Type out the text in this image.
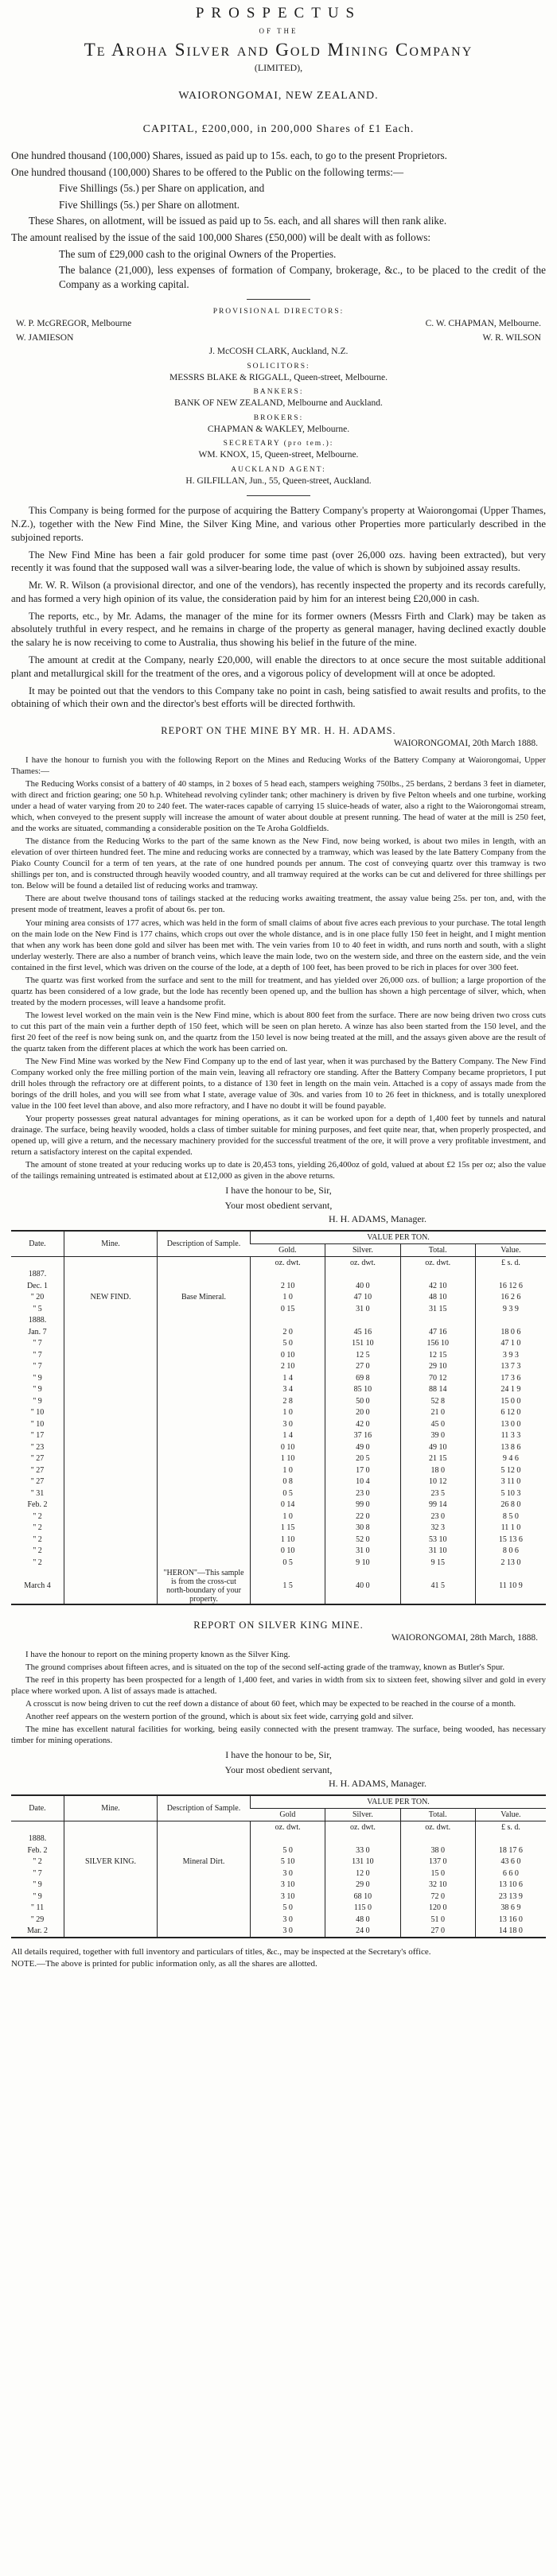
PROSPECTUS
OF THE
Te Aroha Silver and Gold Mining Company
(LIMITED),
WAIORONGOMAI, NEW ZEALAND.
CAPITAL, £200,000, in 200,000 Shares of £1 Each.
One hundred thousand (100,000) Shares, issued as paid up to 15s. each, to go to the present Proprietors.
One hundred thousand (100,000) Shares to be offered to the Public on the following terms:—
Five Shillings (5s.) per Share on application, and
Five Shillings (5s.) per Share on allotment.
These Shares, on allotment, will be issued as paid up to 5s. each, and all shares will then rank alike.
The amount realised by the issue of the said 100,000 Shares (£50,000) will be dealt with as follows:
The sum of £29,000 cash to the original Owners of the Properties.
The balance (21,000), less expenses of formation of Company, brokerage, &c., to be placed to the credit of the Company as a working capital.
PROVISIONAL DIRECTORS:
W. P. McGREGOR, Melbourne	C. W. CHAPMAN, Melbourne.
W. JAMIESON	W. R. WILSON
J. McCOSH CLARK, Auckland, N.Z.
SOLICITORS:
MESSRS BLAKE & RIGGALL, Queen-street, Melbourne.
BANKERS:
BANK OF NEW ZEALAND, Melbourne and Auckland.
BROKERS:
CHAPMAN & WAKLEY, Melbourne.
SECRETARY (pro tem.):
WM. KNOX, 15, Queen-street, Melbourne.
AUCKLAND AGENT:
H. GILFILLAN, Jun., 55, Queen-street, Auckland.
This Company is being formed for the purpose of acquiring the Battery Company's property at Waiorongomai (Upper Thames, N.Z.), together with the New Find Mine, the Silver King Mine, and various other Properties more particularly described in the subjoined reports.
The New Find Mine has been a fair gold producer for some time past (over 26,000 ozs. having been extracted), but very recently it was found that the supposed wall was a silver-bearing lode, the value of which is shown by subjoined assay results.
Mr. W. R. Wilson (a provisional director, and one of the vendors), has recently inspected the property and its records carefully, and has formed a very high opinion of its value, the consideration paid by him for an interest being £20,000 in cash.
The reports, etc., by Mr. Adams, the manager of the mine for its former owners (Messrs Firth and Clark) may be taken as absolutely truthful in every respect, and he remains in charge of the property as general manager, having declined exactly double the salary he is now receiving to come to Australia, thus showing his belief in the future of the mine.
The amount at credit at the Company, nearly £20,000, will enable the directors to at once secure the most suitable additional plant and metallurgical skill for the treatment of the ores, and a vigorous policy of development will at once be adopted.
It may be pointed out that the vendors to this Company take no point in cash, being satisfied to await results and profits, to the obtaining of which their own and the director's best efforts will be directed forthwith.
REPORT ON THE MINE BY MR. H. H. ADAMS.
WAIORONGOMAI, 20th March 1888.
I have the honour to furnish you with the following Report on the Mines and Reducing Works of the Battery Company at Waiorongomai, Upper Thames:—
The Reducing Works consist of a battery of 40 stamps, in 2 boxes of 5 head each, stampers weighing 750lbs., 25 berdans, 2 berdans 3 feet in diameter, with direct and friction gearing; one 50 h.p. Whitehead revolving cylinder tank; other machinery is driven by five Pelton wheels and one turbine, working under a head of water varying from 20 to 240 feet. The water-races capable of carrying 15 sluice-heads of water, also a right to the Waiorongomai stream, which, when conveyed to the present supply will increase the amount of water about double at present running. The head of water at the mill is 250 feet, and the works are situated, commanding a considerable position on the Te Aroha Goldfields.
The distance from the Reducing Works to the part of the same known as the New Find, now being worked, is about two miles in length, with an elevation of over thirteen hundred feet. The mine and reducing works are connected by a tramway, which was leased by the late Battery Company from the Piako County Council for a term of ten years, at the rate of one hundred pounds per annum. The cost of conveying quartz over this tramway is two shillings per ton, and is constructed through heavily wooded country, and all tramway required at the works can be cut and delivered for three shillings per ton. Below will be found a detailed list of reducing works and tramway.
There are about twelve thousand tons of tailings stacked at the reducing works awaiting treatment, the assay value being 25s. per ton, and, with the present mode of treatment, leaves a profit of about 6s. per ton.
Your mining area consists of 177 acres, which was held in the form of small claims of about five acres each previous to your purchase. The total length on the main lode on the New Find is 177 chains, which crops out over the whole distance, and is in one place fully 150 feet in height, and I might mention that when any work has been done gold and silver has been met with. The vein varies from 10 to 40 feet in width, and runs north and south, with a slight underlay westerly. There are also a number of branch veins, which leave the main lode, two on the western side, and three on the eastern side, and the vein contained in the first level, which was driven on the course of the lode, at a depth of 100 feet, has been proved to be rich in places for over 300 feet.
The quartz was first worked from the surface and sent to the mill for treatment, and has yielded over 26,000 ozs. of bullion; a large proportion of the quartz has been considered of a low grade, but the lode has recently been opened up, and the bullion has shown a high percentage of silver, which, when treated by the modern processes, will leave a handsome profit.
The lowest level worked on the main vein is the New Find mine, which is about 800 feet from the surface. There are now being driven two cross cuts to cut this part of the main vein a further depth of 150 feet, which will be seen on plan hereto. A winze has also been started from the 150 level, and the first 20 feet of the reef is now being sunk on, and the quartz from the 150 level is now being treated at the mill, and the assays given above are the result of the quartz taken from the different places at which the work has been carried on.
The New Find Mine was worked by the New Find Company up to the end of last year, when it was purchased by the Battery Company. The New Find Company worked only the free milling portion of the main vein, leaving all refractory ore standing. After the Battery Company became proprietors, I put drill holes through the refractory ore at different points, to a distance of 130 feet in length on the main vein. Attached is a copy of assays made from the borings of the drill holes, and you will see from what I state, average value of 30s. and varies from 10 to 26 feet in thickness, and is totally unexplored value in the 100 feet level than above, and also more refractory, and I have no doubt it will be found payable.
Your property possesses great natural advantages for mining operations, as it can be worked upon for a depth of 1,400 feet by tunnels and natural drainage. The surface, being heavily wooded, holds a class of timber suitable for mining purposes, and feet quite near, that, when properly prospected, and opened up, will give a return, and the necessary machinery provided for the successful treatment of the ore, it will prove a very profitable investment, and return a satisfactory interest on the capital expended.
The amount of stone treated at your reducing works up to date is 20,453 tons, yielding 26,400oz of gold, valued at about £2 15s per oz; also the value of the tailings remaining untreated is estimated about at £12,000 as given in the above returns.
I have the honour to be, Sir,
Your most obedient servant,
H. H. ADAMS, Manager.
Date.	Mine.	Description of Sample.	VALUE PER TON.			
			Gold.	Silver.	Total.	Value.
			oz. dwt.	oz. dwt.	oz. dwt.	£ s. d.
1887.						
Dec. 1			2 10	40 0	42 10	16 12 6
" 20	NEW FIND.	Base Mineral.	1 0	47 10	48 10	16 2 6
" 5			0 15	31 0	31 15	9 3 9
1888.						
Jan. 7			2 0	45 16	47 16	18 0 6
" 7			5 0	151 10	156 10	47 1 0
" 7			0 10	12 5	12 15	3 9 3
" 7			2 10	27 0	29 10	13 7 3
" 9			1 4	69 8	70 12	17 3 6
" 9			3 4	85 10	88 14	24 1 9
" 9			2 8	50 0	52 8	15 0 0
" 10			1 0	20 0	21 0	6 12 0
" 10			3 0	42 0	45 0	13 0 0
" 17			1 4	37 16	39 0	11 3 3
" 23			0 10	49 0	49 10	13 8 6
" 27			1 10	20 5	21 15	9 4 6
" 27			1 0	17 0	18 0	5 12 0
" 27			0 8	10 4	10 12	3 11 0
" 31			0 5	23 0	23 5	5 10 3
Feb. 2			0 14	99 0	99 14	26 8 0
" 2			1 0	22 0	23 0	8 5 0
" 2			1 15	30 8	32 3	11 1 0
" 2			1 10	52 0	53 10	15 13 6
" 2			0 10	31 0	31 10	8 0 6
" 2			0 5	9 10	9 15	2 13 0
March 4		"HERON"—This sample is from the cross-cut north-boundary of your property.	1 5	40 0	41 5	11 10 9
REPORT ON SILVER KING MINE.
WAIORONGOMAI, 28th March, 1888.
I have the honour to report on the mining property known as the Silver King.
The ground comprises about fifteen acres, and is situated on the top of the second self-acting grade of the tramway, known as Butler's Spur.
The reef in this property has been prospected for a length of 1,400 feet, and varies in width from six to sixteen feet, showing silver and gold in every place where worked upon. A list of assays made is attached.
A crosscut is now being driven to cut the reef down a distance of about 60 feet, which may be expected to be reached in the course of a month.
Another reef appears on the western portion of the ground, which is about six feet wide, carrying gold and silver.
The mine has excellent natural facilities for working, being easily connected with the present tramway. The surface, being wooded, has necessary timber for mining operations.
I have the honour to be, Sir,
Your most obedient servant,
H. H. ADAMS, Manager.
Date.	Mine.	Description of Sample.	VALUE PER TON.			
			Gold	Silver.	Total.	Value.
			oz. dwt.	oz. dwt.	oz. dwt.	£ s. d.
1888.						
Feb. 2			5 0	33 0	38 0	18 17 6
" 2	SILVER KING.	Mineral Dirt.	5 10	131 10	137 0	43 6 0
" 7			3 0	12 0	15 0	6 6 0
" 9			3 10	29 0	32 10	13 10 6
" 9			3 10	68 10	72 0	23 13 9
" 11			5 0	115 0	120 0	38 6 9
" 29			3 0	48 0	51 0	13 16 0
Mar. 2			3 0	24 0	27 0	14 18 0
All details required, together with full inventory and particulars of titles, &c., may be inspected at the Secretary's office.
NOTE.—The above is printed for public information only, as all the shares are allotted.
